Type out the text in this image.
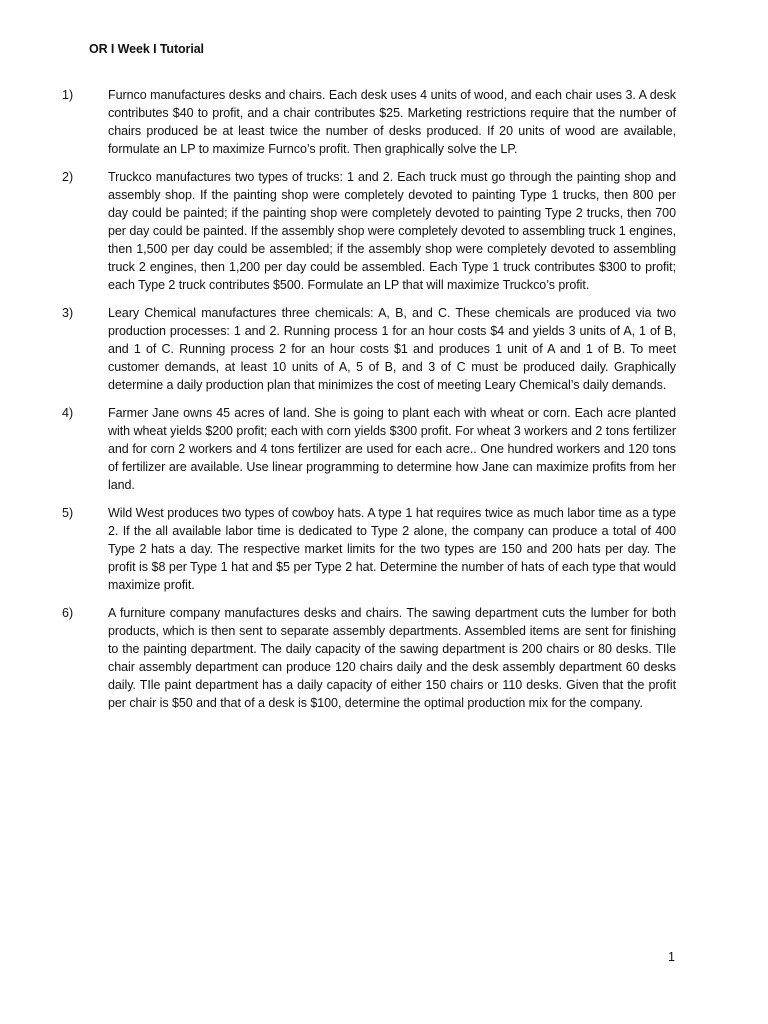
OR I Week I Tutorial
1)	Furnco manufactures desks and chairs. Each desk uses 4 units of wood, and each chair uses 3. A desk contributes $40 to profit, and a chair contributes $25. Marketing restrictions require that the number of chairs produced be at least twice the number of desks produced. If 20 units of wood are available, formulate an LP to maximize Furnco’s profit. Then graphically solve the LP.
2)	Truckco manufactures two types of trucks: 1 and 2. Each truck must go through the painting shop and assembly shop. If the painting shop were completely devoted to painting Type 1 trucks, then 800 per day could be painted; if the painting shop were completely devoted to painting Type 2 trucks, then 700 per day could be painted. If the assembly shop were completely devoted to assembling truck 1 engines, then 1,500 per day could be assembled; if the assembly shop were completely devoted to assembling truck 2 engines, then 1,200 per day could be assembled. Each Type 1 truck contributes $300 to profit; each Type 2 truck contributes $500. Formulate an LP that will maximize Truckco’s profit.
3)	Leary Chemical manufactures three chemicals: A, B, and C. These chemicals are produced via two production processes: 1 and 2. Running process 1 for an hour costs $4 and yields 3 units of A, 1 of B, and 1 of C. Running process 2 for an hour costs $1 and produces 1 unit of A and 1 of B. To meet customer demands, at least 10 units of A, 5 of B, and 3 of C must be produced daily. Graphically determine a daily production plan that minimizes the cost of meeting Leary Chemical’s daily demands.
4)	Farmer Jane owns 45 acres of land. She is going to plant each with wheat or corn. Each acre planted with wheat yields $200 profit; each with corn yields $300 profit. For wheat 3 workers and 2 tons fertilizer and for corn 2 workers and 4 tons fertilizer are used for each acre.. One hundred workers and 120 tons of fertilizer are available. Use linear programming to determine how Jane can maximize profits from her land.
5)	Wild West produces two types of cowboy hats. A type 1 hat requires twice as much labor time as a type 2. If the all available labor time is dedicated to Type 2 alone, the company can produce a total of 400 Type 2 hats a day. The respective market limits for the two types are 150 and 200 hats per day. The profit is $8 per Type 1 hat and $5 per Type 2 hat. Determine the number of hats of each type that would maximize profit.
6)	A furniture company manufactures desks and chairs. The sawing department cuts the lumber for both products, which is then sent to separate assembly departments. Assembled items are sent for finishing to the painting department. The daily capacity of the sawing department is 200 chairs or 80 desks. TIle chair assembly department can produce 120 chairs daily and the desk assembly department 60 desks daily. TIle paint department has a daily capacity of either 150 chairs or 110 desks. Given that the profit per chair is $50 and that of a desk is $100, determine the optimal production mix for the company.
1
